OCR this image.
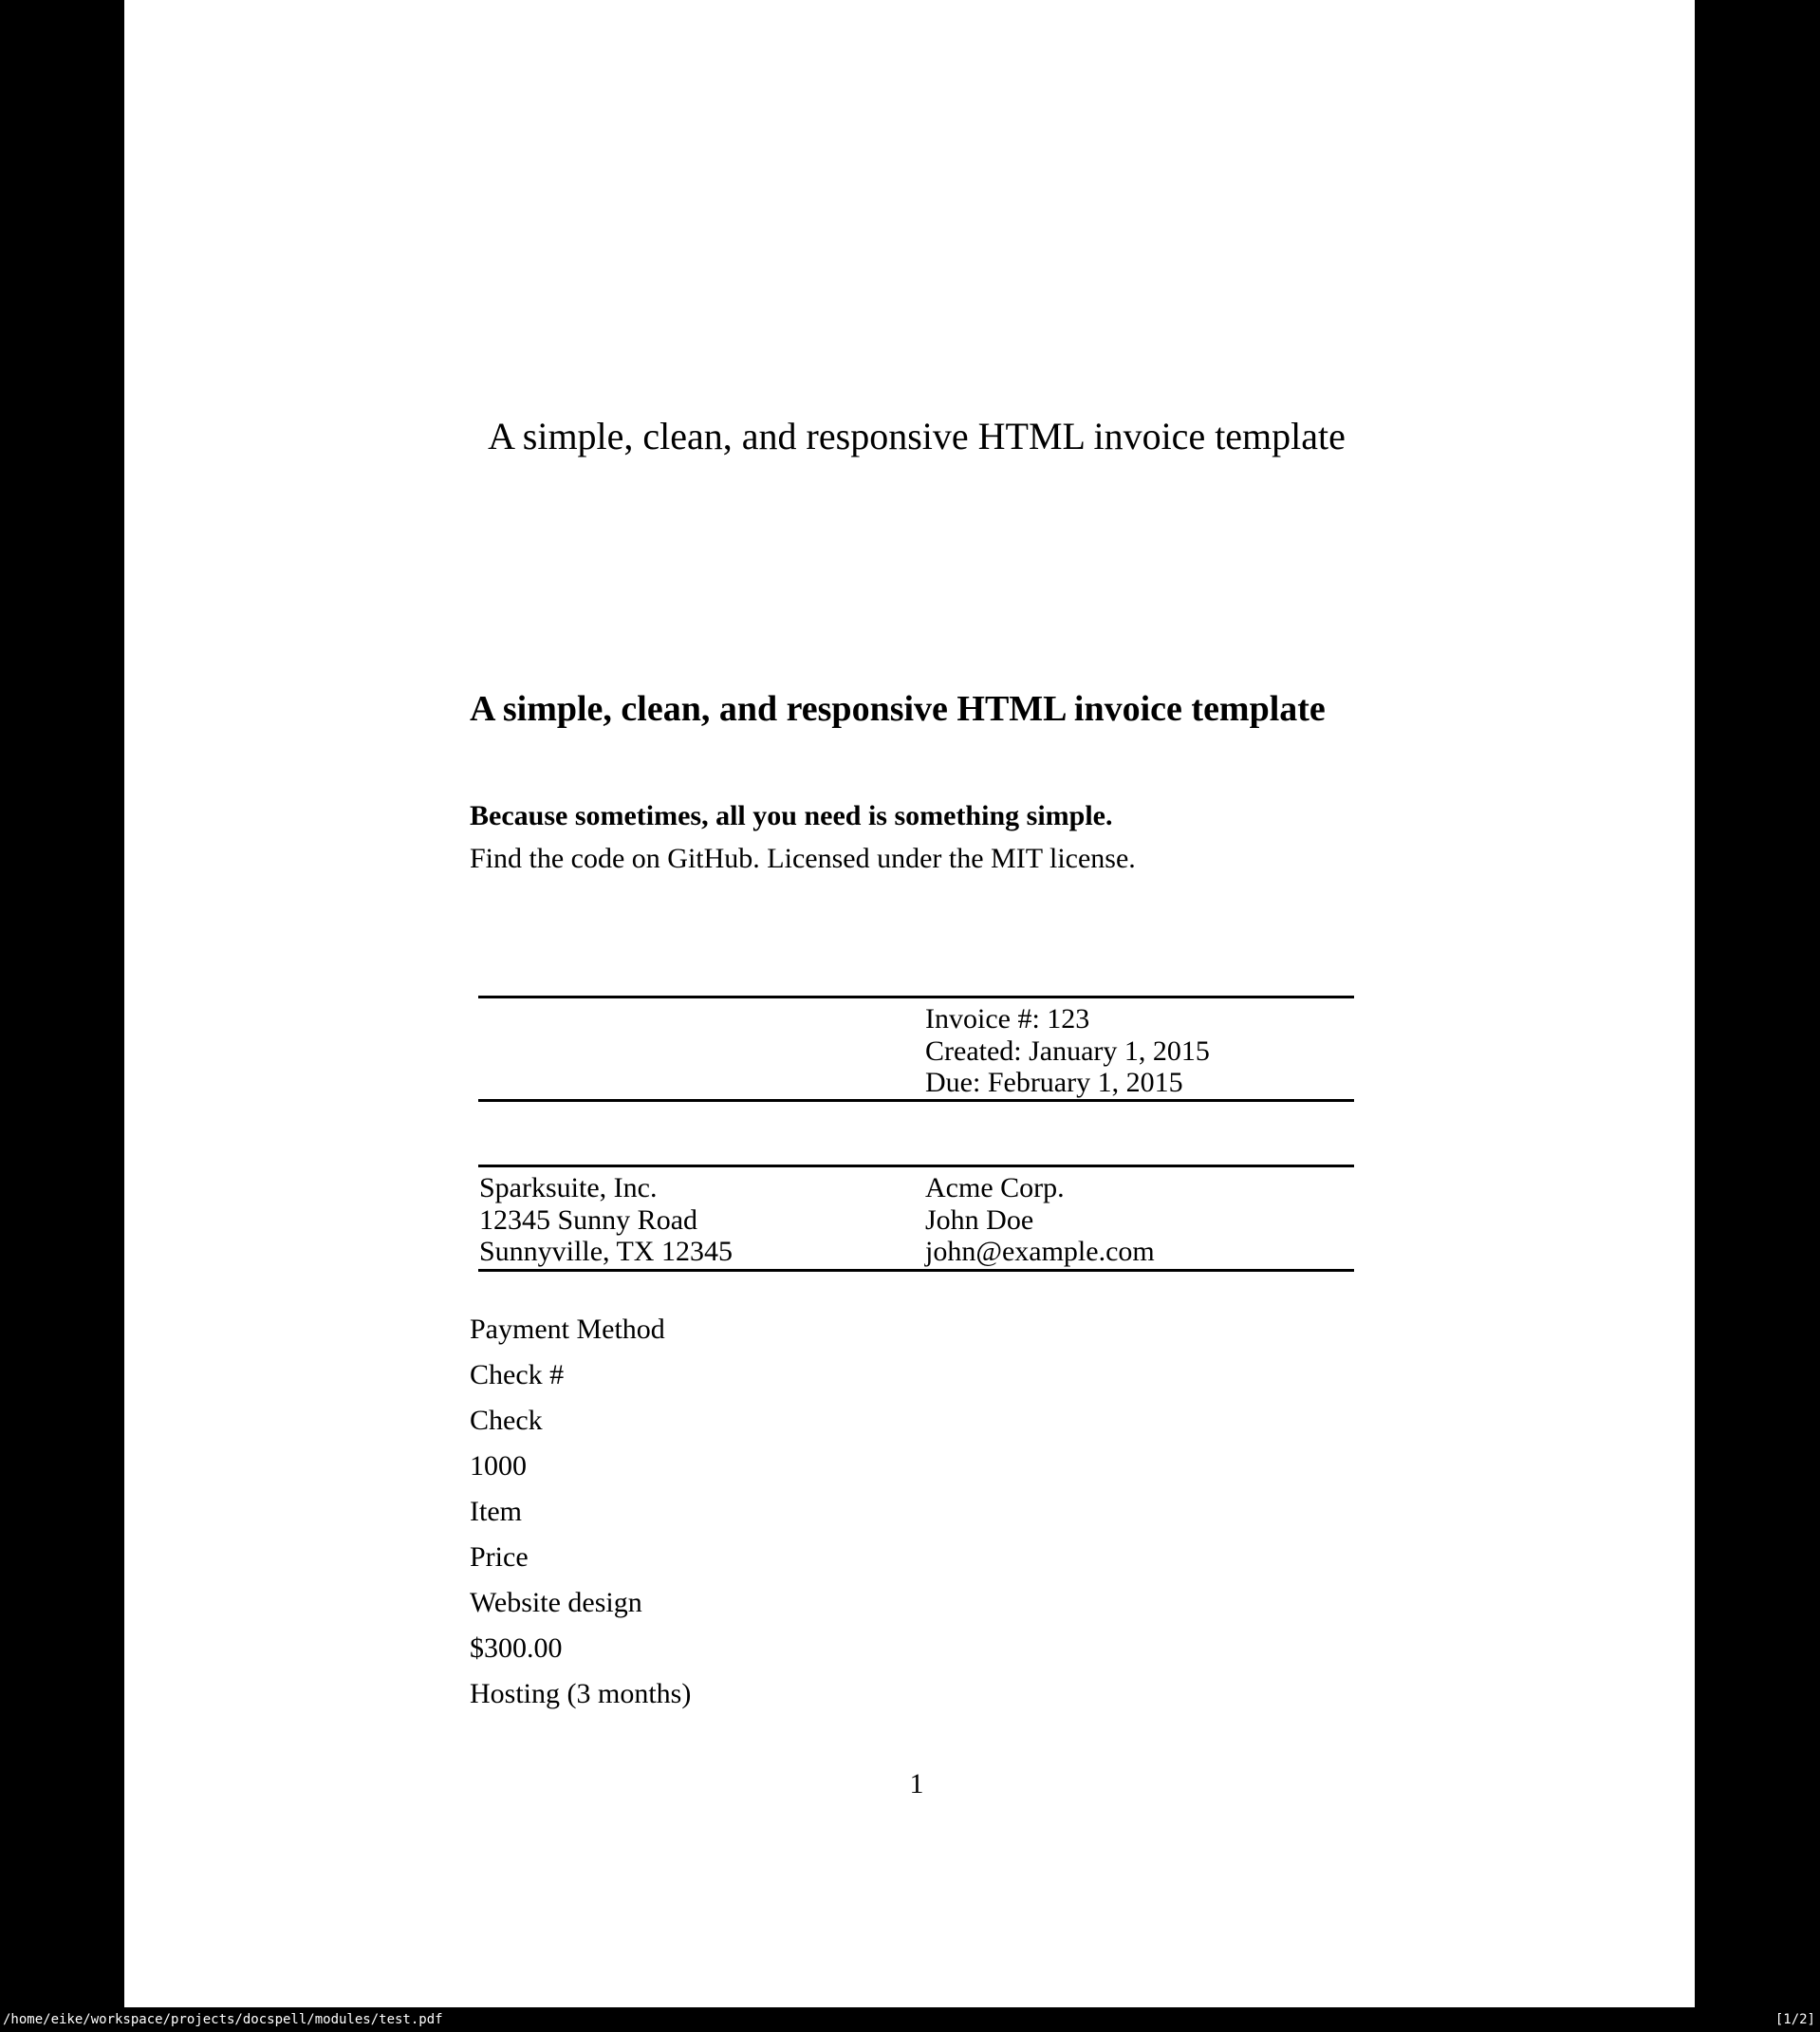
A simple, clean, and responsive HTML invoice template
A simple, clean, and responsive HTML invoice template
Because sometimes, all you need is something simple.
Find the code on GitHub. Licensed under the MIT license.
Invoice #: 123
Created: January 1, 2015
Due: February 1, 2015
Sparksuite, Inc.
12345 Sunny Road
Sunnyville, TX 12345
Acme Corp.
John Doe
john@example.com
Payment Method
Check #
Check
1000
Item
Price
Website design
$300.00
Hosting (3 months)
1
/home/eike/workspace/projects/docspell/modules/test.pdf	[1/2]
